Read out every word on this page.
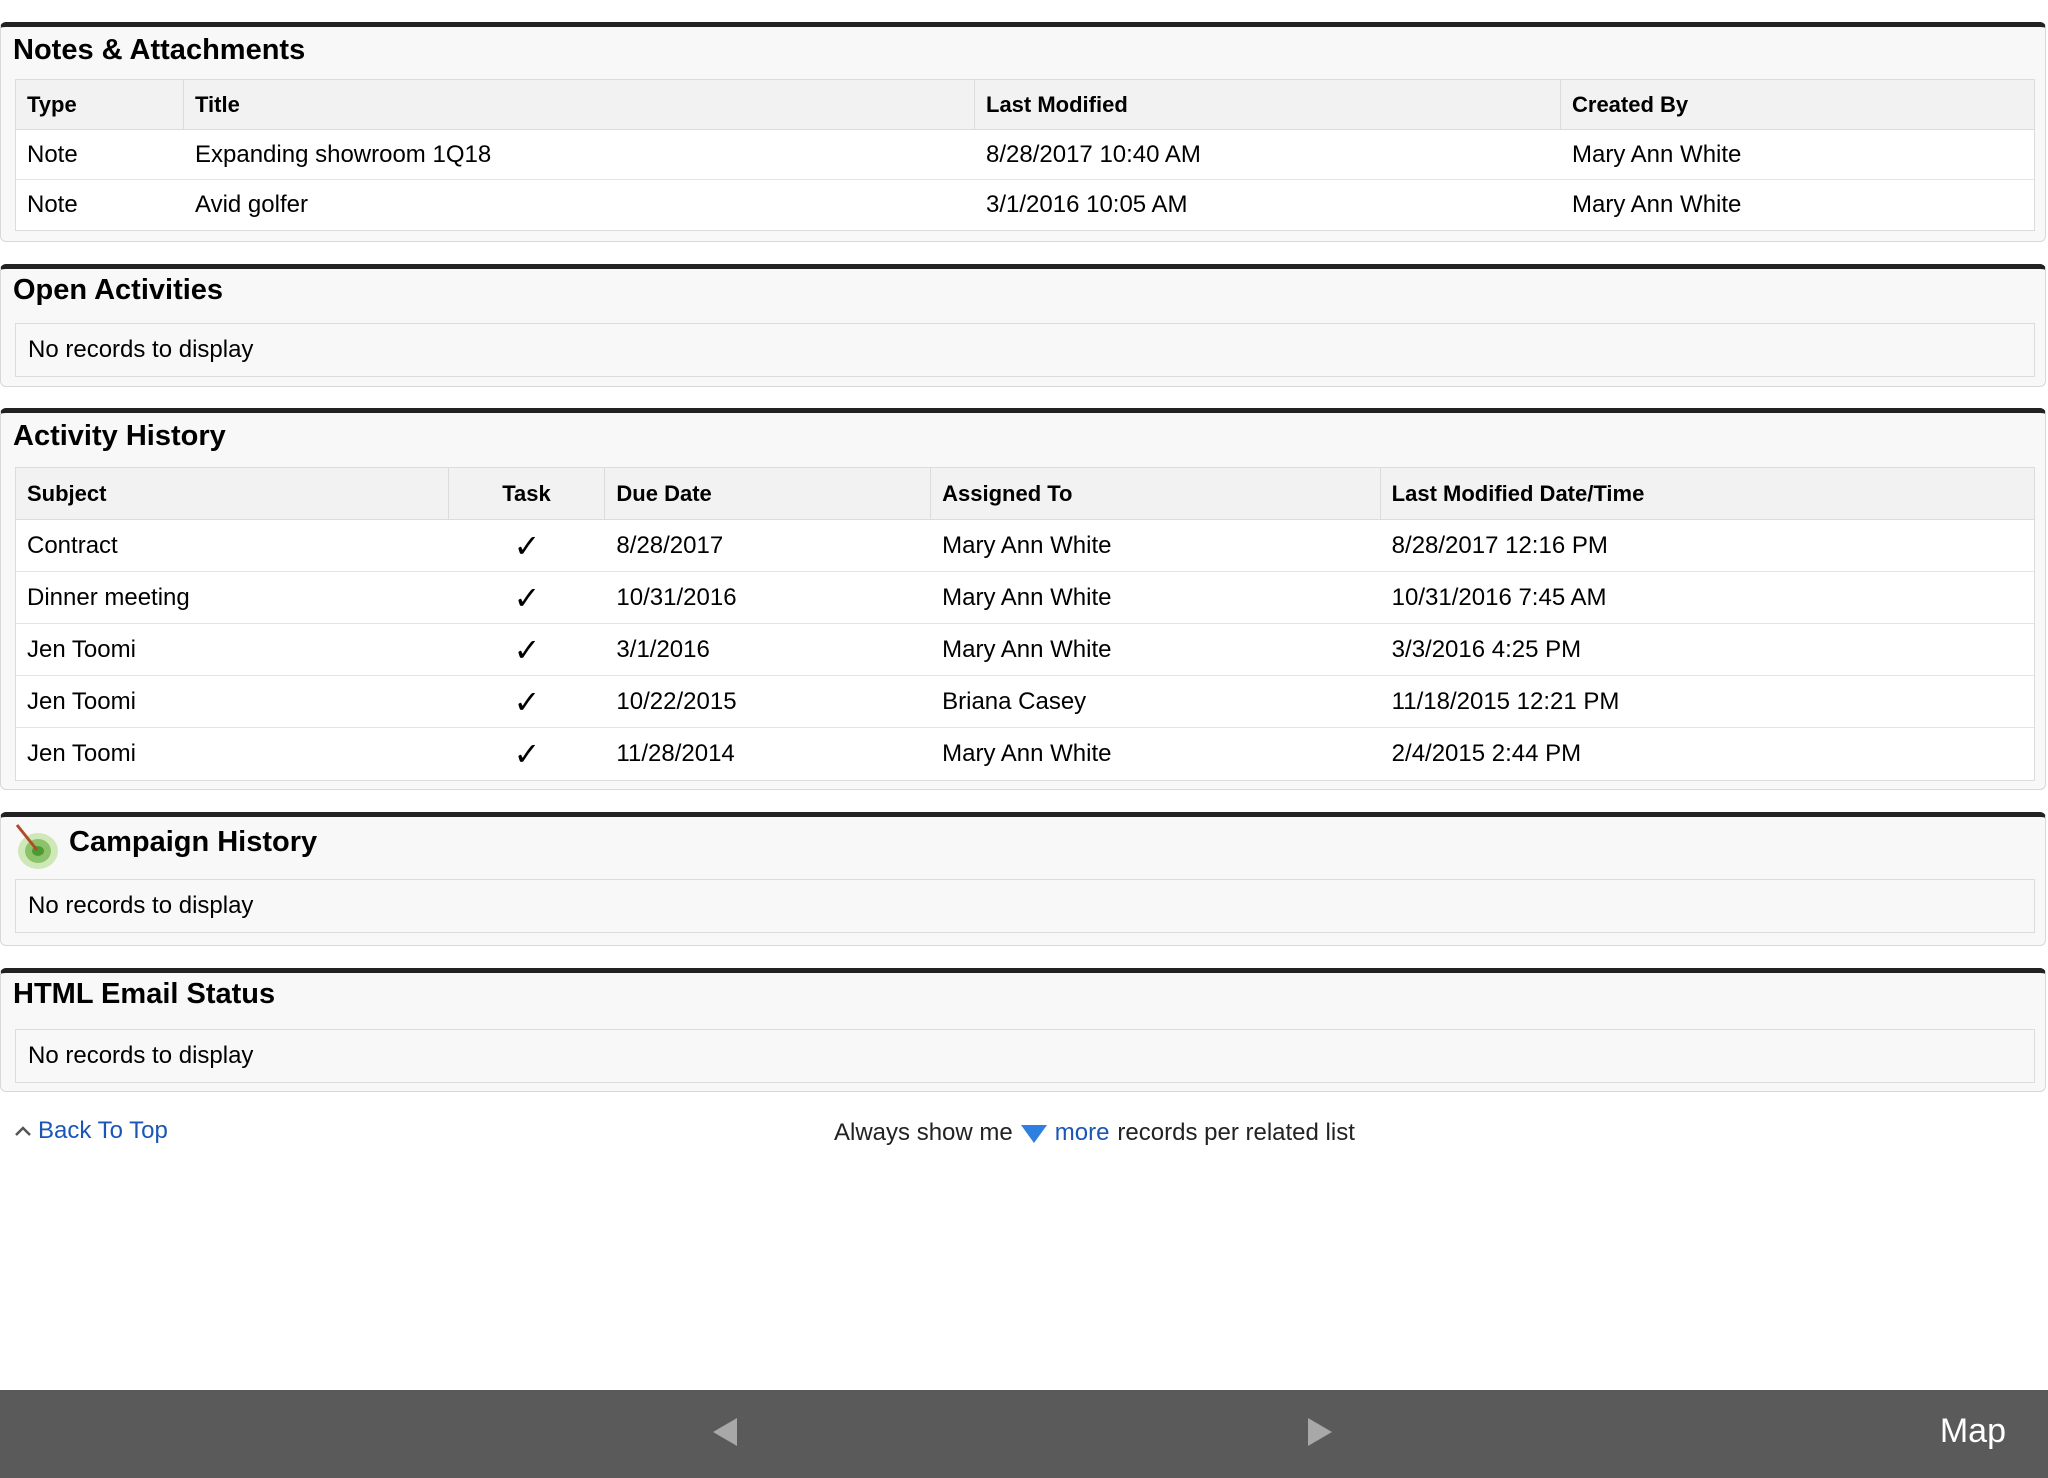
Notes & Attachments
Type	Title	Last Modified	Created By
Note	Expanding showroom 1Q18	8/28/2017 10:40 AM	Mary Ann White
Note	Avid golfer	3/1/2016 10:05 AM	Mary Ann White
Open Activities
No records to display
Activity History
Subject	Task	Due Date	Assigned To	Last Modified Date/Time
Contract	✓	8/28/2017	Mary Ann White	8/28/2017 12:16 PM
Dinner meeting	✓	10/31/2016	Mary Ann White	10/31/2016 7:45 AM
Jen Toomi	✓	3/1/2016	Mary Ann White	3/3/2016 4:25 PM
Jen Toomi	✓	10/22/2015	Briana Casey	11/18/2015 12:21 PM
Jen Toomi	✓	11/28/2014	Mary Ann White	2/4/2015 2:44 PM
Campaign History
No records to display
HTML Email Status
No records to display
Back To Top	Always show me more records per related list
Map
